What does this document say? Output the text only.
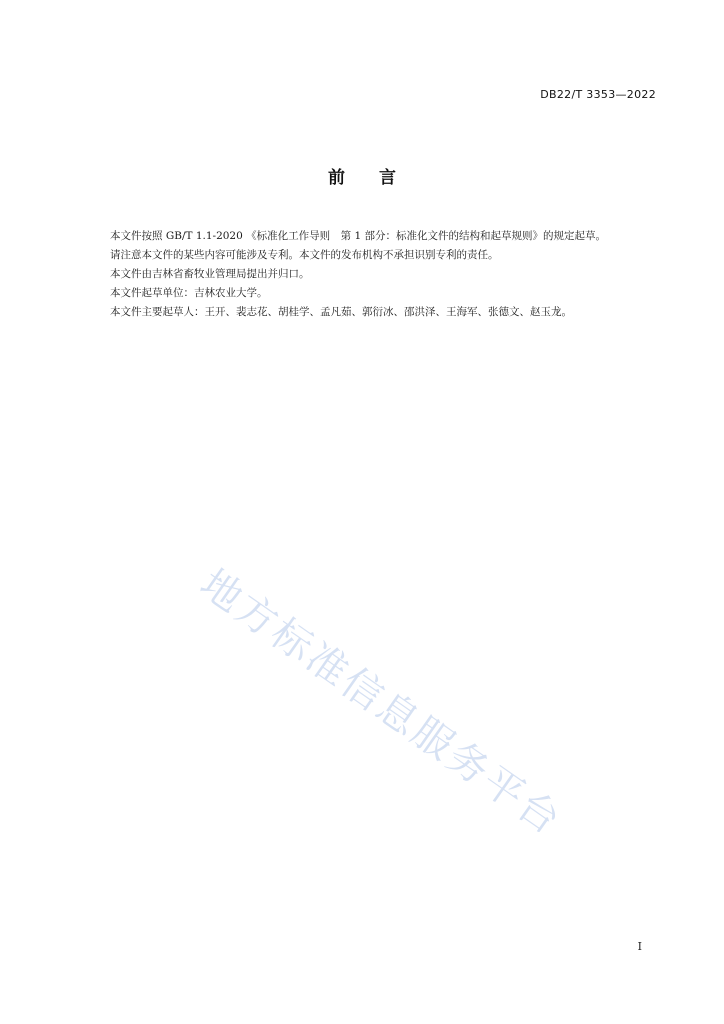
DB22/T 3353—2022
前言

本文件按照 GB/T 1.1-2020 《标准化工作导则　第 1 部分：标准化文件的结构和起草规则》的规定起草。

请注意本文件的某些内容可能涉及专利。本文件的发布机构不承担识别专利的责任。

本文件由吉林省畜牧业管理局提出并归口。

本文件起草单位：吉林农业大学。

本文件主要起草人：王开、裴志花、胡桂学、孟凡茹、郭衍冰、邵洪泽、王海军、张德文、赵玉龙。

地方标准信息服务平台
I
